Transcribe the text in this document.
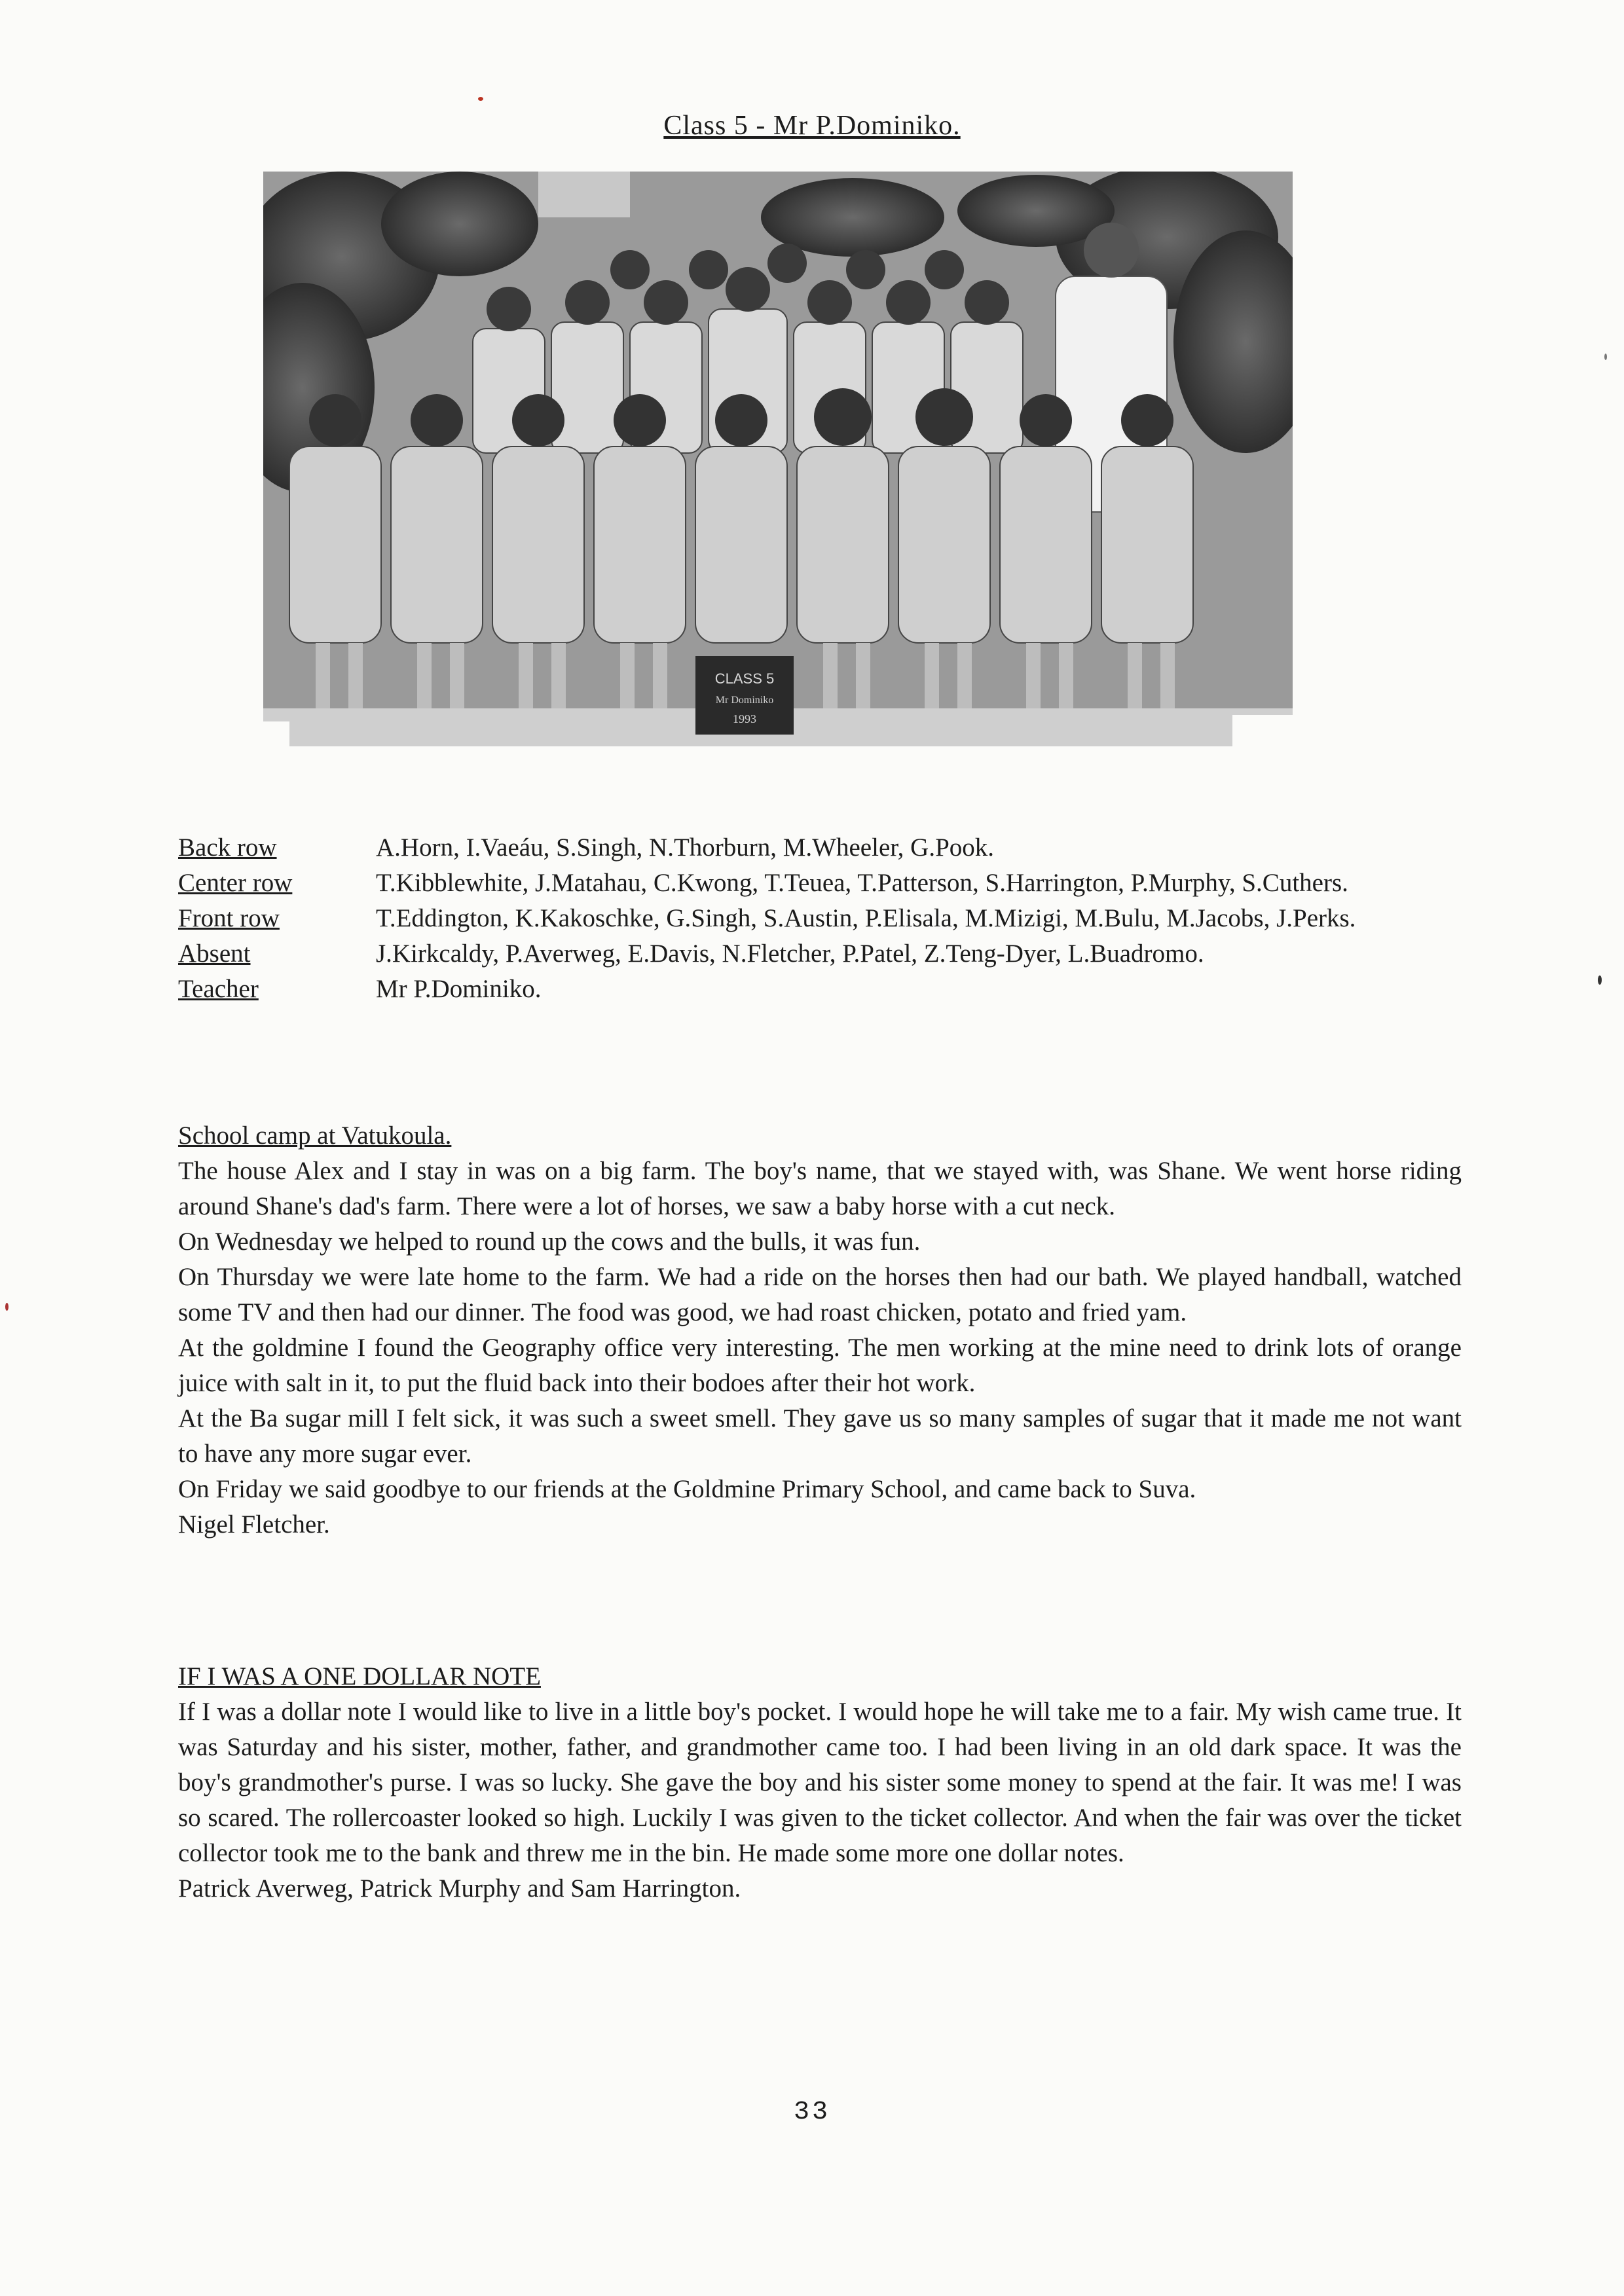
Class 5 - Mr P.Dominiko.
CLASS 5
Mr Dominiko
1993
Back row	A.Horn, I.Vaeáu, S.Singh, N.Thorburn, M.Wheeler, G.Pook.
Center row	T.Kibblewhite, J.Matahau, C.Kwong, T.Teuea, T.Patterson, S.Harrington, P.Murphy, S.Cuthers.
Front row	T.Eddington, K.Kakoschke, G.Singh, S.Austin, P.Elisala, M.Mizigi, M.Bulu, M.Jacobs, J.Perks.
Absent	J.Kirkcaldy, P.Averweg, E.Davis, N.Fletcher, P.Patel, Z.Teng-Dyer, L.Buadromo.
Teacher	Mr P.Dominiko.

School camp at Vatukoula.

The house Alex and I stay in was on a big farm. The boy's name, that we stayed with, was Shane. We went horse riding around Shane's dad's farm. There were a lot of horses, we saw a baby horse with a cut neck.

On Wednesday we helped to round up the cows and the bulls, it was fun.

On Thursday we were late home to the farm. We had a ride on the horses then had our bath. We played handball, watched some TV and then had our dinner. The food was good, we had roast chicken, potato and fried yam.

At the goldmine I found the Geography office very interesting. The men working at the mine need to drink lots of orange juice with salt in it, to put the fluid back into their bodoes after their hot work.

At the Ba sugar mill I felt sick, it was such a sweet smell. They gave us so many samples of sugar that it made me not want to have any more sugar ever.

On Friday we said goodbye to our friends at the Goldmine Primary School, and came back to Suva.

Nigel Fletcher.

IF I WAS A ONE DOLLAR NOTE

If I was a dollar note I would like to live in a little boy's pocket. I would hope he will take me to a fair. My wish came true. It was Saturday and his sister, mother, father, and grandmother came too. I had been living in an old dark space. It was the boy's grandmother's purse. I was so lucky. She gave the boy and his sister some money to spend at the fair. It was me! I was so scared. The rollercoaster looked so high. Luckily I was given to the ticket collector. And when the fair was over the ticket collector took me to the bank and threw me in the bin. He made some more one dollar notes.

Patrick Averweg, Patrick Murphy and Sam Harrington.

33
